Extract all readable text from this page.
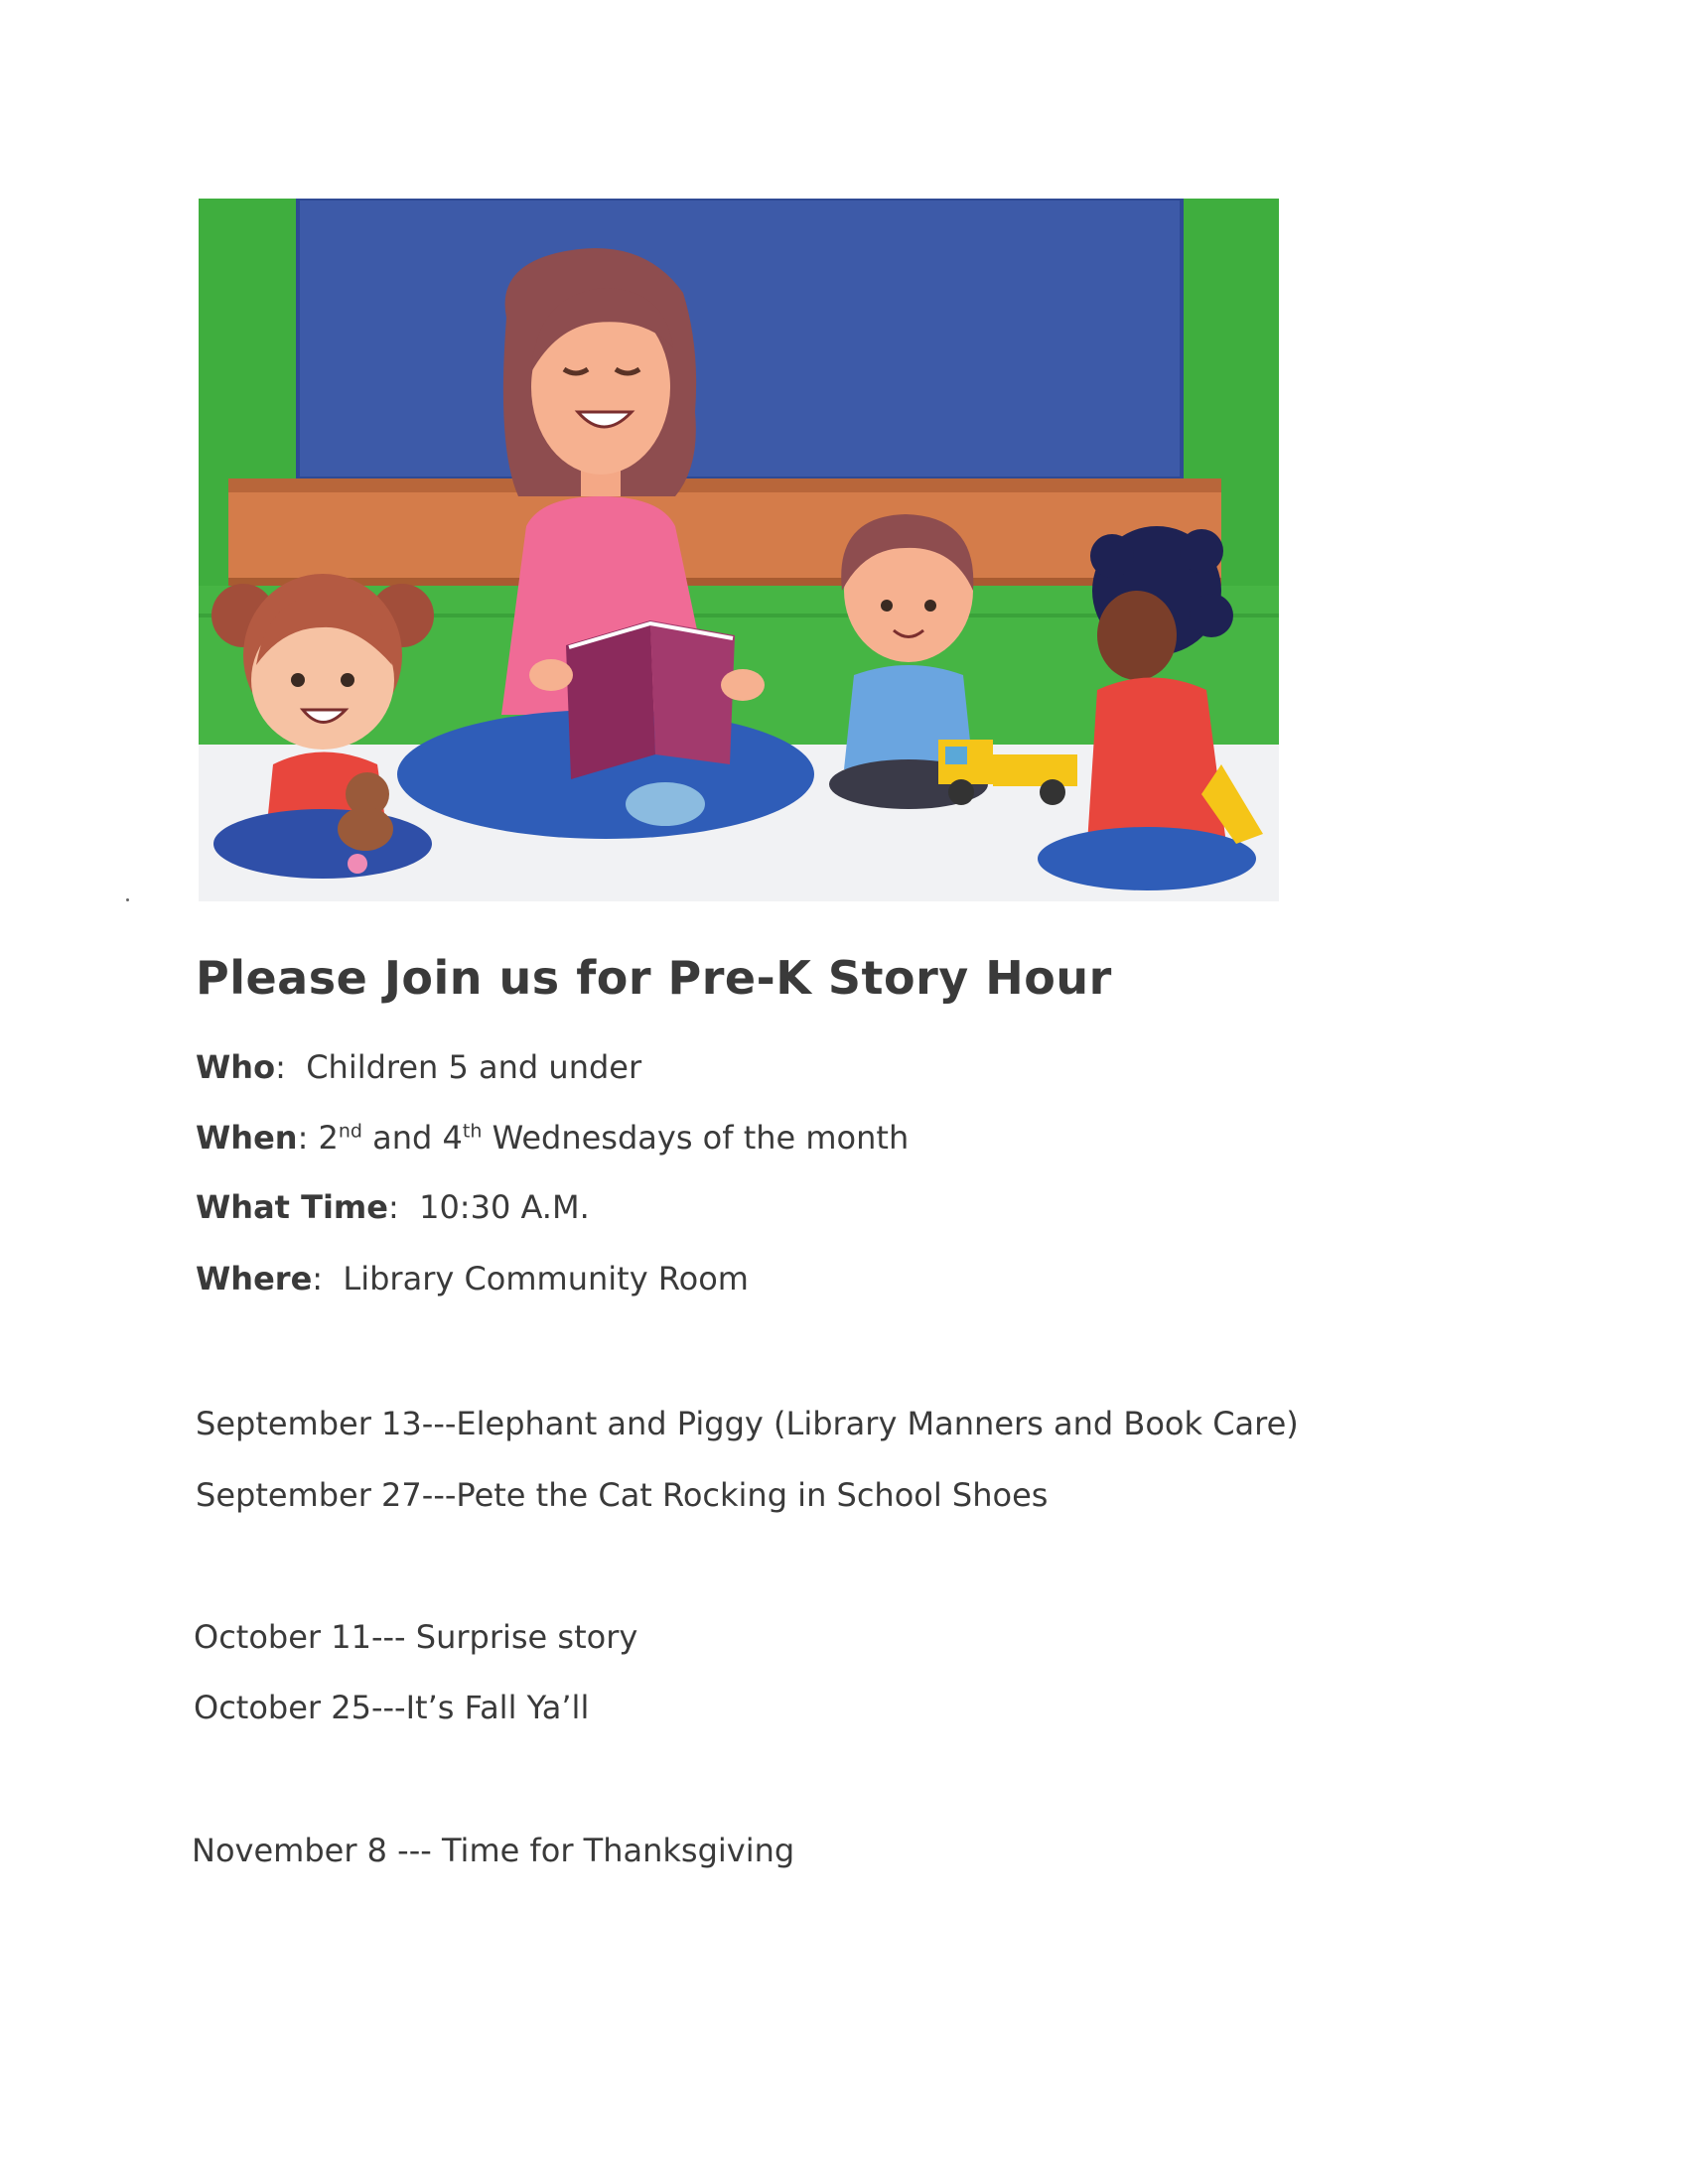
Please Join us for Pre-K Story Hour

Who:  Children 5 and under

When: 2nd and 4th Wednesdays of the month

What Time:  10:30 A.M.

Where:  Library Community Room

September 13---Elephant and Piggy (Library Manners and Book Care)

September 27---Pete the Cat Rocking in School Shoes

October 11--- Surprise story

October 25---It’s Fall Ya’ll

November 8 --- Time for Thanksgiving
